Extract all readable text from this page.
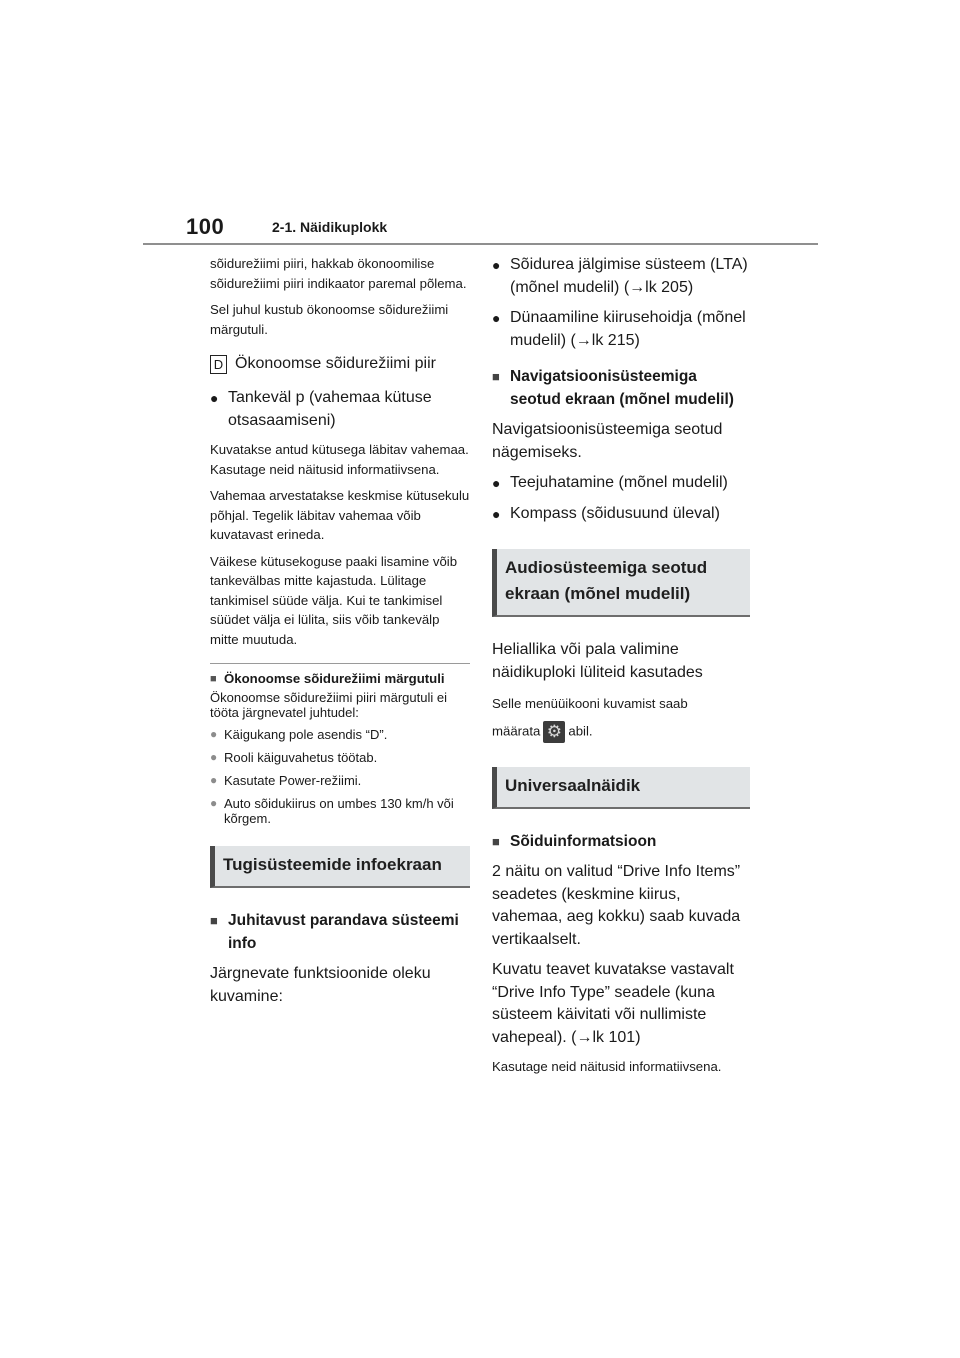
100	2-1. Näidikuplokk

sõidurežiimi piiri, hakkab ökonoomilise sõidurežiimi piiri indikaator paremal põlema.

Sel juhul kustub ökonoomse sõidurežiimi märgutuli.

D Ökonoomse sõidurežiimi piir
● Tankeväl p (vahemaa kütuse otsasaamiseni)

Kuvatakse antud kütusega läbitav vahemaa. Kasutage neid näitusid informatiivsena.

Vahemaa arvestatakse keskmise kütusekulu põhjal. Tegelik läbitav vahemaa võib kuvatavast erineda.

Väikese kütusekoguse paaki lisamine võib tankevälbas mitte kajastuda. Lülitage tankimisel süüde välja. Kui te tankimisel süüdet välja ei lülita, siis võib tankevälp mitte muutuda.

■ Ökonoomse sõidurežiimi märgutuli

Ökonoomse sõidurežiimi piiri märgutuli ei tööta järgnevatel juhtudel:

● Käigukang pole asendis “D”.
● Rooli käiguvahetus töötab.
● Kasutate Power-režiimi.
● Auto sõidukiirus on umbes 130 km/h või kõrgem.
Tugisüsteemide infoekraan
■ Juhitavust parandava süsteemi info

Järgnevate funktsioonide oleku kuvamine:

● Sõidurea jälgimise süsteem (LTA) (mõnel mudelil) (→lk 205)
● Dünaamiline kiirusehoidja (mõnel mudelil) (→lk 215)
■ Navigatsioonisüsteemiga seotud ekraan (mõnel mudelil)

Navigatsioonisüsteemiga seotud nägemiseks.

● Teejuhatamine (mõnel mudelil)
● Kompass (sõidusuund üleval)
Audiosüsteemiga seotud ekraan (mõnel mudelil)

Heliallika või pala valimine näidikuploki lüliteid kasutades

Selle menüüikooni kuvamist saab

määrata⚙ abil.

Universaalnäidik
■ Sõiduinformatsioon

2 näitu on valitud “Drive Info Items” seadetes (keskmine kiirus, vahemaa, aeg kokku) saab kuvada vertikaalselt.

Kuvatu teavet kuvatakse vastavalt “Drive Info Type” seadele (kuna süsteem käivitati või nullimiste vahepeal). (→lk 101)

Kasutage neid näitusid informatiivsena.
